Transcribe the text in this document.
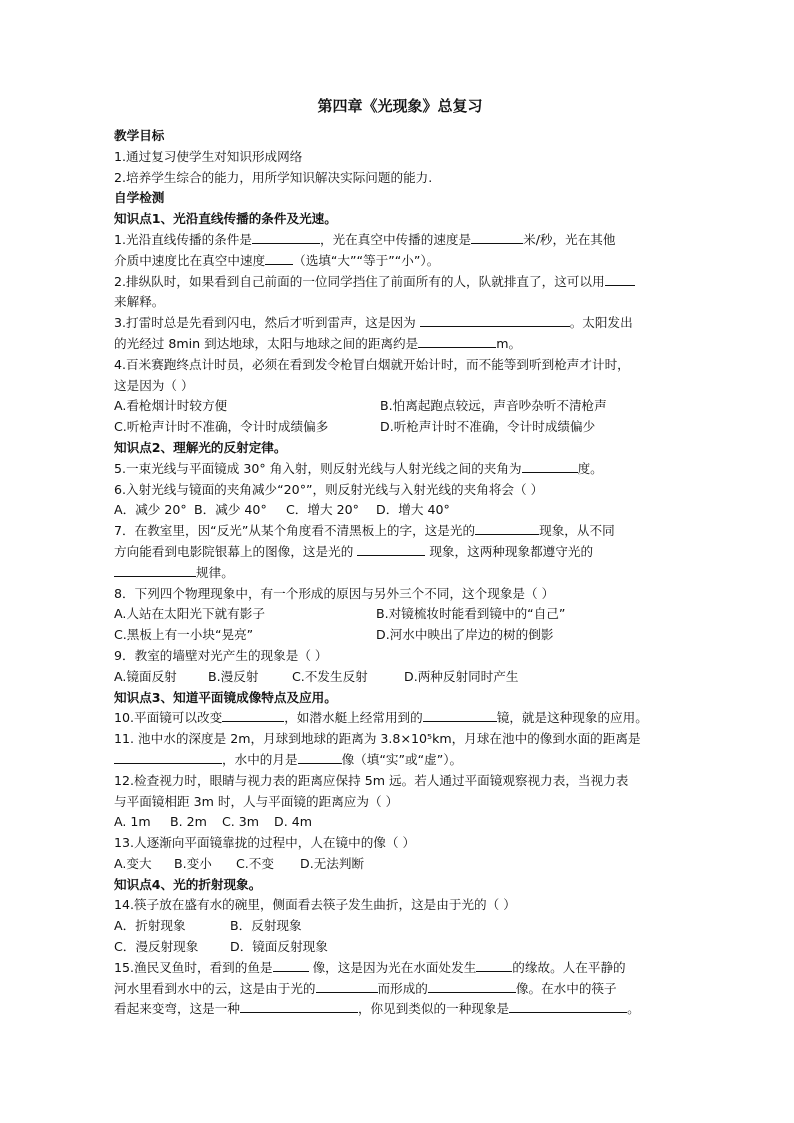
第四章《光现象》总复习
教学目标
1.通过复习使学生对知识形成网络
2.培养学生综合的能力，用所学知识解决实际问题的能力.
自学检测
知识点1、光沿直线传播的条件及光速。
1.光沿直线传播的条件是	，光在真空中传播的速度是	米/秒，光在其他
介质中速度比在真空中速度 （选填“大”“等于”“小”）。
2.排纵队时，如果看到自己前面的一位同学挡住了前面所有的人，队就排直了，这可以用
来解释。
3.打雷时总是先看到闪电，然后才听到雷声，这是因为	。太阳发出
的光经过 8min 到达地球，太阳与地球之间的距离约是	m。
4.百米赛跑终点计时员，必须在看到发令枪冒白烟就开始计时，而不能等到听到枪声才计时，
这是因为（ ）
A.看枪烟计时较方便	B.怕离起跑点较远，声音吵杂听不清枪声
C.听枪声计时不准确，令计时成绩偏多	D.听枪声计时不准确，令计时成绩偏少
知识点2、理解光的反射定律。
5.一束光线与平面镜成 30° 角入射，则反射光线与人射光线之间的夹角为	度。
6.入射光线与镜面的夹角减少“20°”，则反射光线与入射光线的夹角将会（ ）
A．减少 20° B．减少 40° C．增大 20° D．增大 40°
7．在教室里，因“反光”从某个角度看不清黑板上的字，这是光的	现象，从不同
方向能看到电影院银幕上的图像，这是光的	现象，这两种现象都遵守光的
规律。
8．下列四个物理现象中，有一个形成的原因与另外三个不同，这个现象是（ ）
A.人站在太阳光下就有影子	B.对镜梳妆时能看到镜中的“自己”
C.黑板上有一小块“晃亮”	D.河水中映出了岸边的树的倒影
9．教室的墙壁对光产生的现象是（ ）
A.镜面反射 B.漫反射	C.不发生反射	D.两种反射同时产生
知识点3、知道平面镜成像特点及应用。
10.平面镜可以改变	，如潜水艇上经常用到的	镜，就是这种现象的应用。
11. 池中水的深度是 2m，月球到地球的距离为 3.8×10⁵km，月球在池中的像到水面的距离是
，水中的月是	像（填“实”或“虚”）。
12.检查视力时，眼睛与视力表的距离应保持 5m 远。若人通过平面镜观察视力表，当视力表
与平面镜相距 3m 时，人与平面镜的距离应为（ ）
A. 1m B. 2m C. 3m D. 4m
13.人逐渐向平面镜靠拢的过程中，人在镜中的像（ ）
A.变大 B.变小 C.不变 D.无法判断
知识点4、光的折射现象。
14.筷子放在盛有水的碗里，侧面看去筷子发生曲折，这是由于光的（ ）
A．折射现象	B．反射现象
C．漫反射现象	D．镜面反射现象
15.渔民叉鱼时，看到的鱼是	像，这是因为光在水面处发生	的缘故。人在平静的
河水里看到水中的云，这是由于光的	而形成的	像。在水中的筷子
看起来变弯，这是一种	，你见到类似的一种现象是	。
